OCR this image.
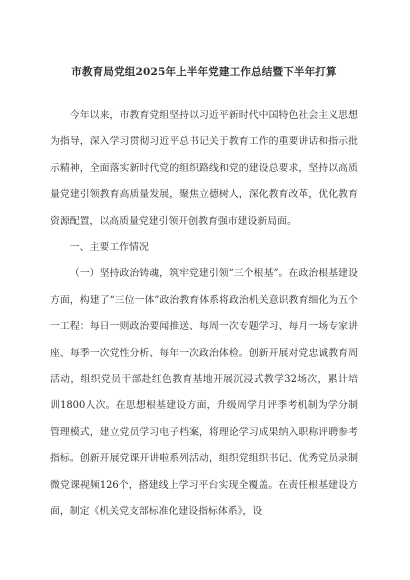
市教育局党组2025年上半年党建工作总结暨下半年打算

今年以来，市教育党组坚持以习近平新时代中国特色社会主义思想为指导，深入学习贯彻习近平总书记关于教育工作的重要讲话和指示批示精神，全面落实新时代党的组织路线和党的建设总要求，坚持以高质量党建引领教育高质量发展，聚焦立德树人，深化教育改革，优化教育资源配置，以高质量党建引领开创教育强市建设新局面。

一、主要工作情况

（一）坚持政治铸魂，筑牢党建引领“三个根基”。在政治根基建设方面，构建了“三位一体”政治教育体系将政治机关意识教育细化为五个一工程：每日一则政治要闻推送、每周一次专题学习、每月一场专家讲座、每季一次党性分析、每年一次政治体检。创新开展对党忠诚教育周活动，组织党员干部赴红色教育基地开展沉浸式教学32场次，累计培训1800人次。在思想根基建设方面，升级周学月评季考机制为学分制管理模式，建立党员学习电子档案，将理论学习成果纳入职称评聘参考指标。创新开展党课开讲啦系列活动，组织党组织书记、优秀党员录制微党课视频126个，搭建线上学习平台实现全覆盖。在责任根基建设方面，制定《机关党支部标准化建设指标体系》，设
